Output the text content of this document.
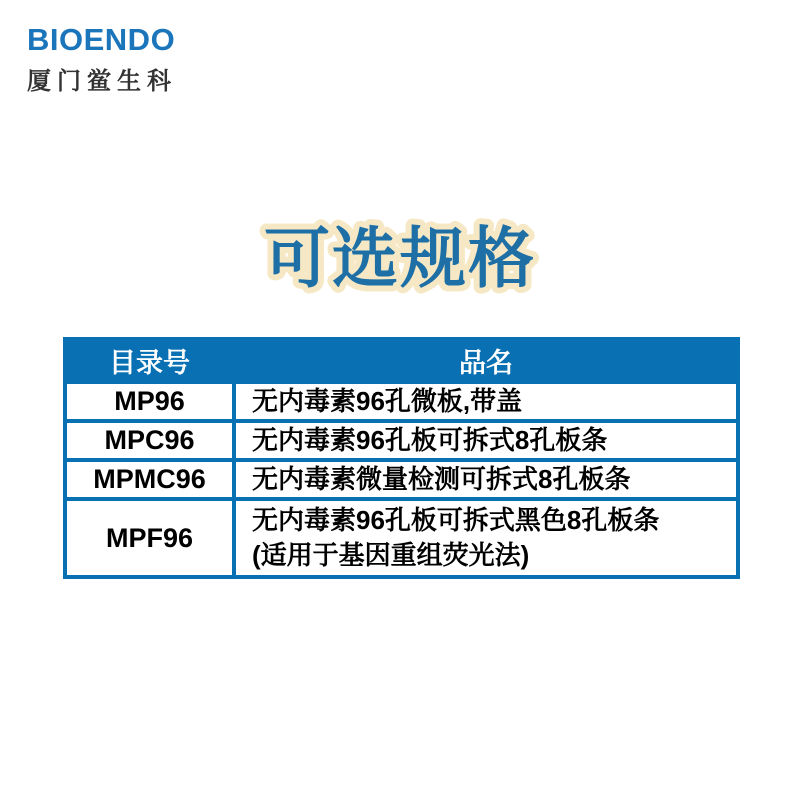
BIOENDO
厦门鲎生科
可选规格
目录号	品名
MP96	无内毒素96孔微板,带盖
MPC96	无内毒素96孔板可拆式8孔板条
MPMC96	无内毒素微量检测可拆式8孔板条
MPF96	无内毒素96孔板可拆式黑色8孔板条
(适用于基因重组荧光法)
